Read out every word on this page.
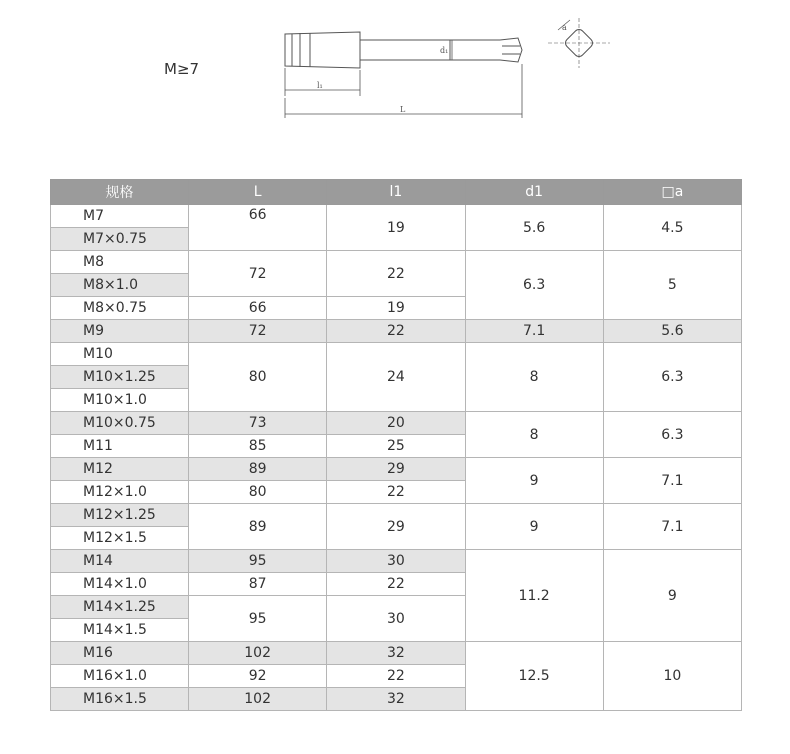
M≥7
d₁
l₁
L
a
规格	L	l1	d1	□a
M7	66	19	5.6	4.5
M7×0.75				
M8	72	22	6.3	5
M8×1.0				
M8×0.75	66	19		
M9	72	22	7.1	5.6
M10	80	24	8	6.3
M10×1.25				
M10×1.0				
M10×0.75	73	20	8	6.3
M11	85	25		
M12	89	29	9	7.1
M12×1.0	80	22		
M12×1.25	89	29	9	7.1
M12×1.5				
M14	95	30	11.2	9
M14×1.0	87	22		
M14×1.25	95	30		
M14×1.5				
M16	102	32	12.5	10
M16×1.0	92	22		
M16×1.5	102	32		
